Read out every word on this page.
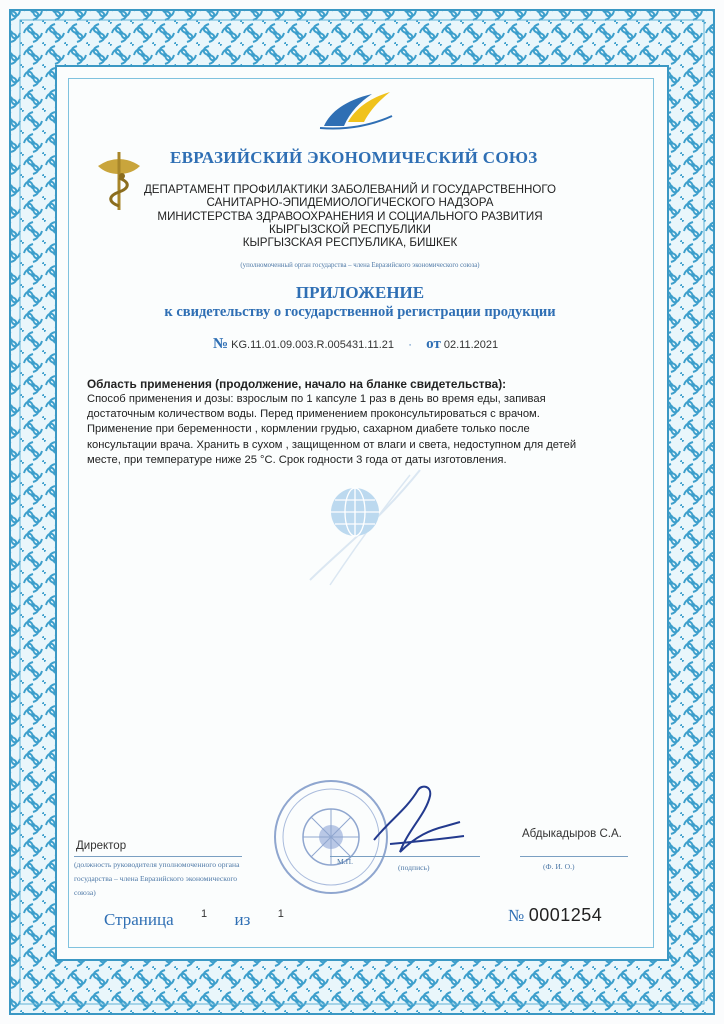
ЕВРАЗИЙСКИЙ ЭКОНОМИЧЕСКИЙ СОЮЗ
ДЕПАРТАМЕНТ ПРОФИЛАКТИКИ ЗАБОЛЕВАНИЙ И ГОСУДАРСТВЕННОГО
САНИТАРНО-ЭПИДЕМИОЛОГИЧЕСКОГО НАДЗОРА
МИНИСТЕРСТВА ЗДРАВООХРАНЕНИЯ И СОЦИАЛЬНОГО РАЗВИТИЯ
КЫРГЫЗСКОЙ РЕСПУБЛИКИ
КЫРГЫЗСКАЯ РЕСПУБЛИКА, БИШКЕК
(уполномоченный орган государства – члена Евразийского экономического союза)
ПРИЛОЖЕНИЕ
к свидетельству о государственной регистрации продукции
№ KG.11.01.09.003.R.005431.11.21 · от 02.11.2021
Область применения (продолжение, начало на бланке свидетельства):
Способ применения и дозы: взрослым по 1 капсуле 1 раз в день во время еды, запивая
достаточным количеством воды. Перед применением проконсультироваться с врачом.
Применение при беременности , кормлении грудью, сахарном диабете только после
консультации врача. Хранить в сухом , защищенном от влаги и света, недоступном для детей
месте, при температуре ниже 25 °С. Срок годности 3 года от даты изготовления.
Директор
(должность руководителя уполномоченного органа государства – члена Евразийского экономического союза)
М.П.
(подпись)
Абдыкадыров С.А.
(Ф. И. О.)
Страница 1 из 1	№ 0001254
